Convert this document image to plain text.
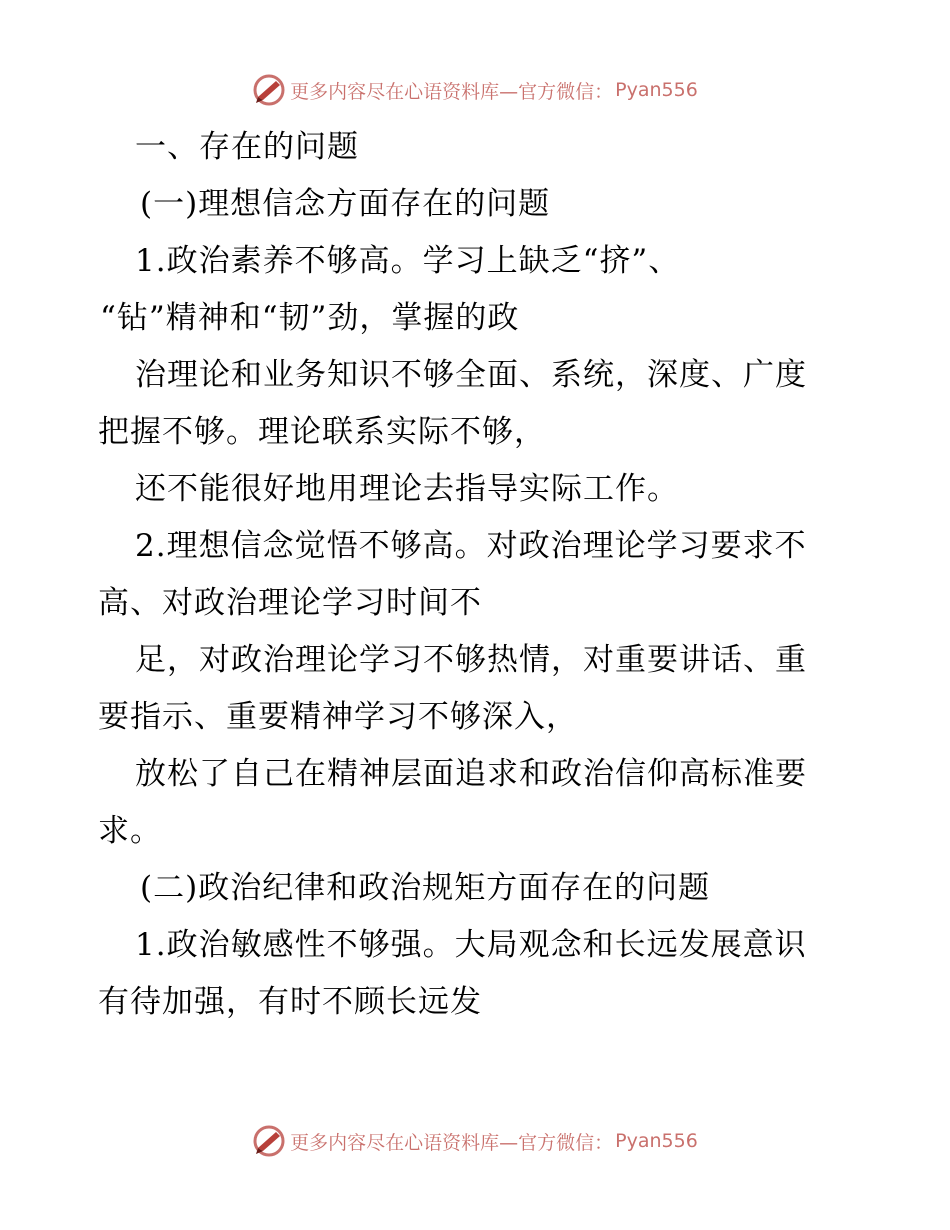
更多内容尽在心语资料库—官方微信： Pyan556
一、存在的问题
(一)理想信念方面存在的问题
1.政治素养不够高。学习上缺乏“挤”、
“钻”精神和“韧”劲，掌握的政
治理论和业务知识不够全面、系统，深度、广度
把握不够。理论联系实际不够，
还不能很好地用理论去指导实际工作。
2.理想信念觉悟不够高。对政治理论学习要求不
高、对政治理论学习时间不
足，对政治理论学习不够热情，对重要讲话、重
要指示、重要精神学习不够深入，
放松了自己在精神层面追求和政治信仰高标准要
求。
(二)政治纪律和政治规矩方面存在的问题
1.政治敏感性不够强。大局观念和长远发展意识
有待加强，有时不顾长远发
更多内容尽在心语资料库—官方微信： Pyan556
